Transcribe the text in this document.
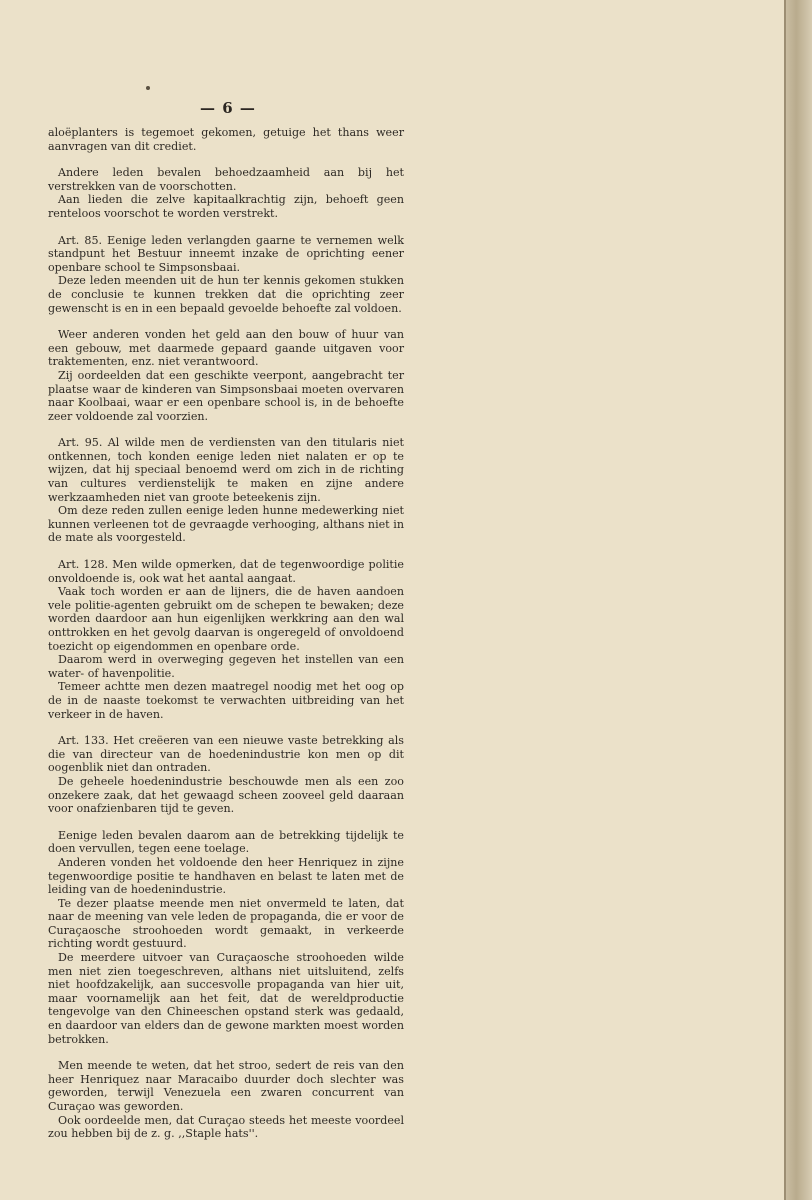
— 6 —

aloëplanters is tegemoet gekomen, getuige het thans weer aanvragen van dit crediet.

Andere leden bevalen behoedzaamheid aan bij het verstrekken van de voorschotten.

Aan lieden die zelve kapitaalkrachtig zijn, behoeft geen renteloos voorschot te worden verstrekt.

Art. 85. Eenige leden verlangden gaarne te vernemen welk standpunt het Bestuur inneemt inzake de oprichting eener openbare school te Simpsonsbaai.

Deze leden meenden uit de hun ter kennis gekomen stukken de conclusie te kunnen trekken dat die oprichting zeer gewenscht is en in een bepaald gevoelde behoefte zal voldoen.

Weer anderen vonden het geld aan den bouw of huur van een gebouw, met daarmede gepaard gaande uitgaven voor traktementen, enz. niet verantwoord.

Zij oordeelden dat een geschikte veerpont, aangebracht ter plaatse waar de kinderen van Simpsonsbaai moeten overvaren naar Koolbaai, waar er een openbare school is, in de behoefte zeer voldoende zal voorzien.

Art. 95. Al wilde men de verdiensten van den titularis niet ontkennen, toch konden eenige leden niet nalaten er op te wijzen, dat hij speciaal benoemd werd om zich in de richting van cultures verdienstelijk te maken en zijne andere werkzaamheden niet van groote beteekenis zijn.

Om deze reden zullen eenige leden hunne medewerking niet kunnen verleenen tot de gevraagde verhooging, althans niet in de mate als voorgesteld.

Art. 128. Men wilde opmerken, dat de tegenwoordige politie onvoldoende is, ook wat het aantal aangaat.

Vaak toch worden er aan de lijners, die de haven aandoen vele politie-agenten gebruikt om de schepen te bewaken; deze worden daardoor aan hun eigenlijken werkkring aan den wal onttrokken en het gevolg daarvan is ongeregeld of onvoldoend toezicht op eigendommen en openbare orde.

Daarom werd in overweging gegeven het instellen van een water- of havenpolitie.

Temeer achtte men dezen maatregel noodig met het oog op de in de naaste toekomst te verwachten uitbreiding van het verkeer in de haven.

Art. 133. Het creëeren van een nieuwe vaste betrekking als die van directeur van de hoedenindustrie kon men op dit oogenblik niet dan ontraden.

De geheele hoedenindustrie beschouwde men als een zoo onzekere zaak, dat het gewaagd scheen zooveel geld daaraan voor onafzienbaren tijd te geven.

Eenige leden bevalen daarom aan de betrekking tijdelijk te doen vervullen, tegen eene toelage.

Anderen vonden het voldoende den heer Henriquez in zijne tegenwoordige positie te handhaven en belast te laten met de leiding van de hoedenindustrie.

Te dezer plaatse meende men niet onvermeld te laten, dat naar de meening van vele leden de propaganda, die er voor de Curaçaosche stroohoeden wordt gemaakt, in verkeerde richting wordt gestuurd.

De meerdere uitvoer van Curaçaosche stroohoeden wilde men niet zien toegeschreven, althans niet uitsluitend, zelfs niet hoofdzakelijk, aan succesvolle propaganda van hier uit, maar voornamelijk aan het feit, dat de wereldproductie tengevolge van den Chineeschen opstand sterk was gedaald, en daardoor van elders dan de gewone markten moest worden betrokken.

Men meende te weten, dat het stroo, sedert de reis van den heer Henriquez naar Maracaibo duurder doch slechter was geworden, terwijl Venezuela een zwaren concurrent van Curaçao was geworden.

Ook oordeelde men, dat Curaçao steeds het meeste voordeel zou hebben bij de z. g. ,,Staple hats''.
